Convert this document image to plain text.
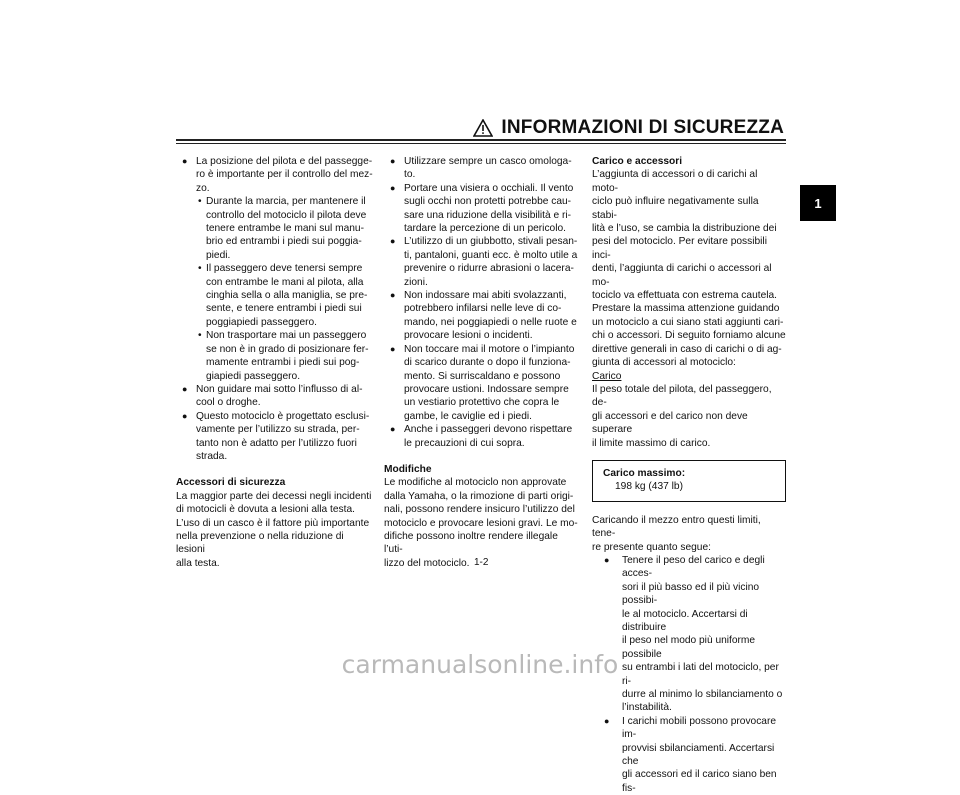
INFORMAZIONI DI SICUREZZA
1
● La posizione del pilota e del passegge-
ro è importante per il controllo del mez-
zo.
• Durante la marcia, per mantenere il
controllo del motociclo il pilota deve
tenere entrambe le mani sul manu-
brio ed entrambi i piedi sui poggia-
piedi.
• Il passeggero deve tenersi sempre
con entrambe le mani al pilota, alla
cinghia sella o alla maniglia, se pre-
sente, e tenere entrambi i piedi sui
poggiapiedi passeggero.
• Non trasportare mai un passeggero
se non è in grado di posizionare fer-
mamente entrambi i piedi sui pog-
giapiedi passeggero.
● Non guidare mai sotto l’influsso di al-
cool o droghe.
● Questo motociclo è progettato esclusi-
vamente per l’utilizzo su strada, per-
tanto non è adatto per l’utilizzo fuori
strada.

Accessori di sicurezza

La maggior parte dei decessi negli incidenti
di motocicli è dovuta a lesioni alla testa.
L’uso di un casco è il fattore più importante
nella prevenzione o nella riduzione di lesioni
alla testa.
● Utilizzare sempre un casco omologa-
to.
● Portare una visiera o occhiali. Il vento
sugli occhi non protetti potrebbe cau-
sare una riduzione della visibilità e ri-
tardare la percezione di un pericolo.
● L’utilizzo di un giubbotto, stivali pesan-
ti, pantaloni, guanti ecc. è molto utile a
prevenire o ridurre abrasioni o lacera-
zioni.
● Non indossare mai abiti svolazzanti,
potrebbero infilarsi nelle leve di co-
mando, nei poggiapiedi o nelle ruote e
provocare lesioni o incidenti.
● Non toccare mai il motore o l’impianto
di scarico durante o dopo il funziona-
mento. Si surriscaldano e possono
provocare ustioni. Indossare sempre
un vestiario protettivo che copra le
gambe, le caviglie ed i piedi.
● Anche i passeggeri devono rispettare
le precauzioni di cui sopra.

Modifiche

Le modifiche al motociclo non approvate
dalla Yamaha, o la rimozione di parti origi-
nali, possono rendere insicuro l’utilizzo del
motociclo e provocare lesioni gravi. Le mo-
difiche possono inoltre rendere illegale l’uti-
lizzo del motociclo.

Carico e accessori

L’aggiunta di accessori o di carichi al moto-
ciclo può influire negativamente sulla stabi-
lità e l’uso, se cambia la distribuzione dei
pesi del motociclo. Per evitare possibili inci-
denti, l’aggiunta di carichi o accessori al mo-
tociclo va effettuata con estrema cautela.
Prestare la massima attenzione guidando
un motociclo a cui siano stati aggiunti cari-
chi o accessori. Di seguito forniamo alcune
direttive generali in caso di carichi o di ag-
giunta di accessori al motociclo:

Carico

Il peso totale del pilota, del passeggero, de-
gli accessori e del carico non deve superare
il limite massimo di carico.
Carico massimo:
198 kg (437 lb)
Caricando il mezzo entro questi limiti, tene-
re presente quanto segue:
● Tenere il peso del carico e degli acces-
sori il più basso ed il più vicino possibi-
le al motociclo. Accertarsi di distribuire
il peso nel modo più uniforme possibile
su entrambi i lati del motociclo, per ri-
durre al minimo lo sbilanciamento o
l’instabilità.
● I carichi mobili possono provocare im-
provvisi sbilanciamenti. Accertarsi che
gli accessori ed il carico siano ben fis-
1-2
carmanualsonline.info
